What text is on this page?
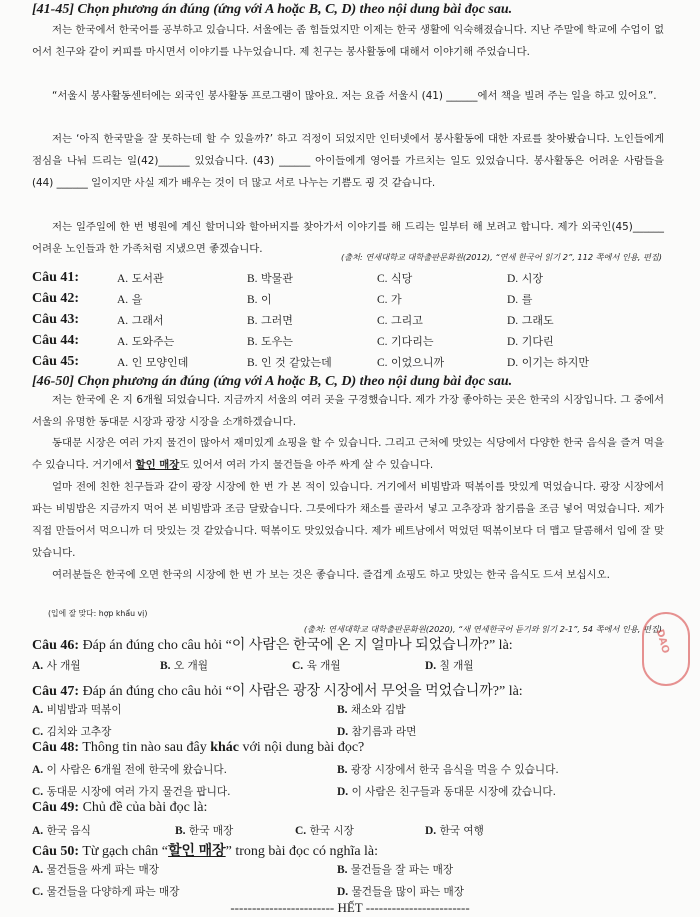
[41-45] Chọn phương án đúng (ứng với A hoặc B, C, D) theo nội dung bài đọc sau.
저는 한국에서 한국어를 공부하고 있습니다. 서울에는 좀 힘들었지만 이제는 한국 생활에 익숙해졌습니다. 지난 주말에 학교에 수업이 없어서 친구와 같이 커피를 마시면서 이야기를 나누었습니다. 제 친구는 봉사활동에 대해서 이야기해 주었습니다.
“서울시 봉사활동센터에는 외국인 봉사활동 프로그램이 많아요. 저는 요즘 서울시 (41) ______에서 책을 빌려 주는 일을 하고 있어요”.
저는 ‘아직 한국말을 잘 못하는데 할 수 있을까?’ 하고 걱정이 되었지만 인터넷에서 봉사활동에 대한 자료를 찾아봤습니다. 노인들에게 점심을 나눠 드리는 일(42)______ 있었습니다. (43) ______ 아이들에게 영어를 가르치는 일도 있었습니다. 봉사활동은 어려운 사람들을 (44) ______ 일이지만 사실 제가 배우는 것이 더 많고 서로 나누는 기쁨도 굉 것 같습니다.
저는 일주일에 한 번 병원에 계신 할머니와 할아버지를 찾아가서 이야기를 해 드리는 일부터 해 보려고 합니다. 제가 외국인(45)______ 어려운 노인들과 한 가족처럼 지냈으면 좋겠습니다.
(출처: 연세대학교 대학출판문화원(2012), “연세 한국어 읽기 2”, 112 쪽에서 인용, 편집)
Câu 41:	A. 도서관	B. 박물관	C. 식당	D. 시장
Câu 42:	A. 을	B. 이	C. 가	D. 를
Câu 43:	A. 그래서	B. 그러면	C. 그리고	D. 그래도
Câu 44:	A. 도와주는	B. 도우는	C. 기다리는	D. 기다린
Câu 45:	A. 인 모양인데	B. 인 것 같았는데	C. 이었으니까	D. 이기는 하지만
[46-50] Chọn phương án đúng (ứng với A hoặc B, C, D) theo nội dung bài đọc sau.
저는 한국에 온 지 6개월 되었습니다. 지금까지 서울의 여러 곳을 구경했습니다. 제가 가장 좋아하는 곳은 한국의 시장입니다. 그 중에서 서울의 유명한 동대문 시장과 광장 시장을 소개하겠습니다.
동대문 시장은 여러 가지 물건이 많아서 재미있게 쇼핑을 할 수 있습니다. 그리고 근처에 맛있는 식당에서 다양한 한국 음식을 즐겨 먹을 수 있습니다. 거기에서 할인 매장도 있어서 여러 가지 물건들을 아주 싸게 살 수 있습니다.
얼마 전에 친한 친구들과 같이 광장 시장에 한 번 가 본 적이 있습니다. 거기에서 비빔밥과 떡볶이를 맛있게 먹었습니다. 광장 시장에서 파는 비빔밥은 지금까지 먹어 본 비빔밥과 조금 달랐습니다. 그릇에다가 채소를 골라서 넣고 고추장과 참기름을 조금 넣어 먹었습니다. 제가 직접 만들어서 먹으니까 더 맛있는 것 같았습니다. 떡볶이도 맛있었습니다. 제가 베트남에서 먹었던 떡볶이보다 더 맵고 달콤해서 입에 잘 맞았습니다.
여러분들은 한국에 오면 한국의 시장에 한 번 가 보는 것은 좋습니다. 즐겁게 쇼핑도 하고 맛있는 한국 음식도 드셔 보십시오.
(입에 잘 맞다: hợp khẩu vị)
(출처: 연세대학교 대학출판문화원(2020), “새 연세한국어 듣기와 읽기 2-1”, 54 쪽에서 인용, 편집)
DAO
Câu 46: Đáp án đúng cho câu hỏi “이 사람은 한국에 온 지 얼마나 되었습니까?” là:
A. 사 개월	B. 오 개월	C. 육 개월	D. 칠 개월
Câu 47: Đáp án đúng cho câu hỏi “이 사람은 광장 시장에서 무엇을 먹었습니까?” là:
A. 비빔밥과 떡볶이	B. 채소와 김밥
C. 김치와 고추장	D. 참기름과 라면
Câu 48: Thông tin nào sau đây khác với nội dung bài đọc?
A. 이 사람은 6개월 전에 한국에 왔습니다.	B. 광장 시장에서 한국 음식을 먹을 수 있습니다.
C. 동대문 시장에 여러 가지 물건을 팝니다.	D. 이 사람은 친구들과 동대문 시장에 갔습니다.
Câu 49: Chủ đề của bài đọc là:
A. 한국 음식	B. 한국 매장	C. 한국 시장	D. 한국 여행
Câu 50: Từ gạch chân “할인 매장” trong bài đọc có nghĩa là:
A. 물건들을 싸게 파는 매장	B. 물건들을 잘 파는 매장
C. 물건들을 다양하게 파는 매장	D. 물건들을 많이 파는 매장
------------------------ HẾT ------------------------
